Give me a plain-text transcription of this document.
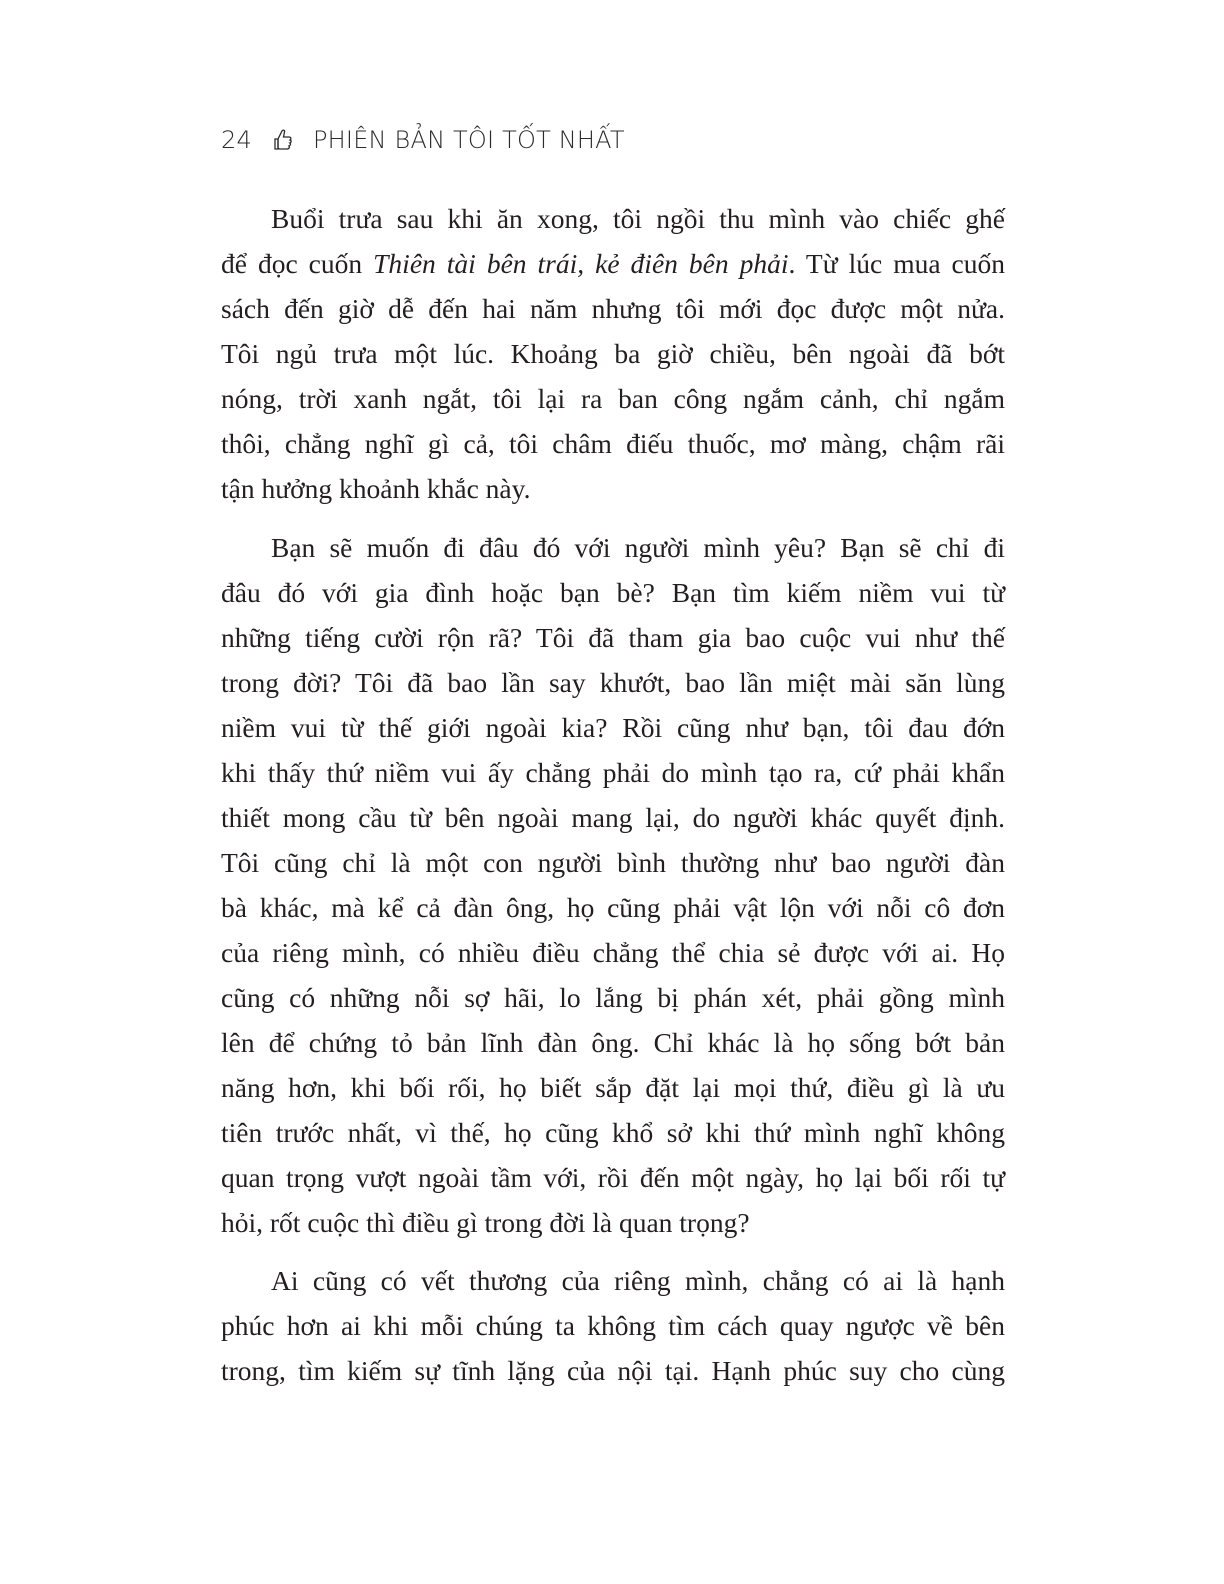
24	PHIÊN BẢN TÔI TỐT NHẤT
Buổi trưa sau khi ăn xong, tôi ngồi thu mình vào chiếc ghế
để đọc cuốn Thiên tài bên trái, kẻ điên bên phải. Từ lúc mua cuốn
sách đến giờ dễ đến hai năm nhưng tôi mới đọc được một nửa.
Tôi ngủ trưa một lúc. Khoảng ba giờ chiều, bên ngoài đã bớt
nóng, trời xanh ngắt, tôi lại ra ban công ngắm cảnh, chỉ ngắm
thôi, chẳng nghĩ gì cả, tôi châm điếu thuốc, mơ màng, chậm rãi
tận hưởng khoảnh khắc này.
Bạn sẽ muốn đi đâu đó với người mình yêu? Bạn sẽ chỉ đi
đâu đó với gia đình hoặc bạn bè? Bạn tìm kiếm niềm vui từ
những tiếng cười rộn rã? Tôi đã tham gia bao cuộc vui như thế
trong đời? Tôi đã bao lần say khướt, bao lần miệt mài săn lùng
niềm vui từ thế giới ngoài kia? Rồi cũng như bạn, tôi đau đớn
khi thấy thứ niềm vui ấy chẳng phải do mình tạo ra, cứ phải khẩn
thiết mong cầu từ bên ngoài mang lại, do người khác quyết định.
Tôi cũng chỉ là một con người bình thường như bao người đàn
bà khác, mà kể cả đàn ông, họ cũng phải vật lộn với nỗi cô đơn
của riêng mình, có nhiều điều chẳng thể chia sẻ được với ai. Họ
cũng có những nỗi sợ hãi, lo lắng bị phán xét, phải gồng mình
lên để chứng tỏ bản lĩnh đàn ông. Chỉ khác là họ sống bớt bản
năng hơn, khi bối rối, họ biết sắp đặt lại mọi thứ, điều gì là ưu
tiên trước nhất, vì thế, họ cũng khổ sở khi thứ mình nghĩ không
quan trọng vượt ngoài tầm với, rồi đến một ngày, họ lại bối rối tự
hỏi, rốt cuộc thì điều gì trong đời là quan trọng?
Ai cũng có vết thương của riêng mình, chẳng có ai là hạnh
phúc hơn ai khi mỗi chúng ta không tìm cách quay ngược về bên
trong, tìm kiếm sự tĩnh lặng của nội tại. Hạnh phúc suy cho cùng
